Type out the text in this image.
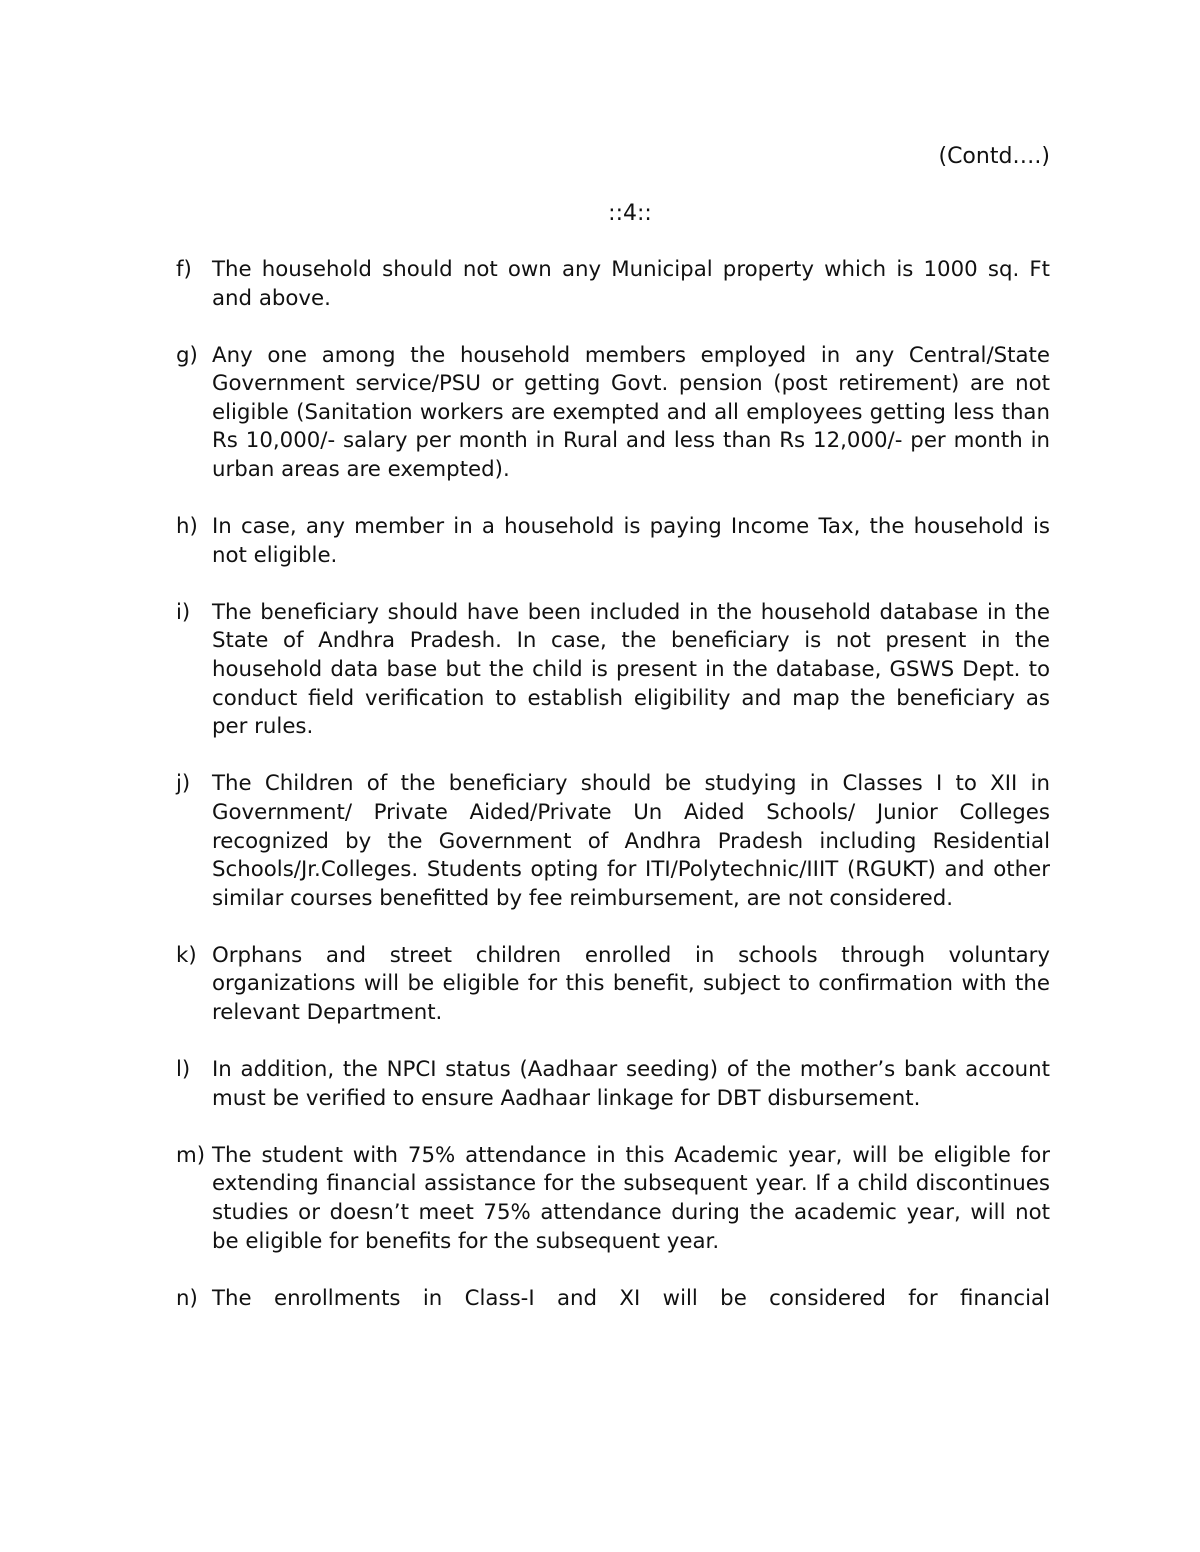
(Contd….)
::4::
f) The household should not own any Municipal property which is 1000 sq. Ft and above.
g) Any one among the household members employed in any Central/State Government service/PSU or getting Govt. pension (post retirement) are not eligible (Sanitation workers are exempted and all employees getting less than Rs 10,000/- salary per month in Rural and less than Rs 12,000/- per month in urban areas are exempted).
h) In case, any member in a household is paying Income Tax, the household is not eligible.
i) The beneficiary should have been included in the household database in the State of Andhra Pradesh. In case, the beneficiary is not present in the household data base but the child is present in the database, GSWS Dept. to conduct field verification to establish eligibility and map the beneficiary as per rules.
j) The Children of the beneficiary should be studying in Classes I to XII in Government/ Private Aided/Private Un Aided Schools/ Junior Colleges recognized by the Government of Andhra Pradesh including Residential Schools/Jr.Colleges. Students opting for ITI/Polytechnic/IIIT (RGUKT) and other similar courses benefitted by fee reimbursement, are not considered.
k) Orphans and street children enrolled in schools through voluntary organizations will be eligible for this benefit, subject to confirmation with the relevant Department.
l) In addition, the NPCI status (Aadhaar seeding) of the mother’s bank account must be verified to ensure Aadhaar linkage for DBT disbursement.
m) The student with 75% attendance in this Academic year, will be eligible for extending financial assistance for the subsequent year. If a child discontinues studies or doesn’t meet 75% attendance during the academic year, will not be eligible for benefits for the subsequent year.
n) The enrollments in Class-I and XI will be considered for financial
